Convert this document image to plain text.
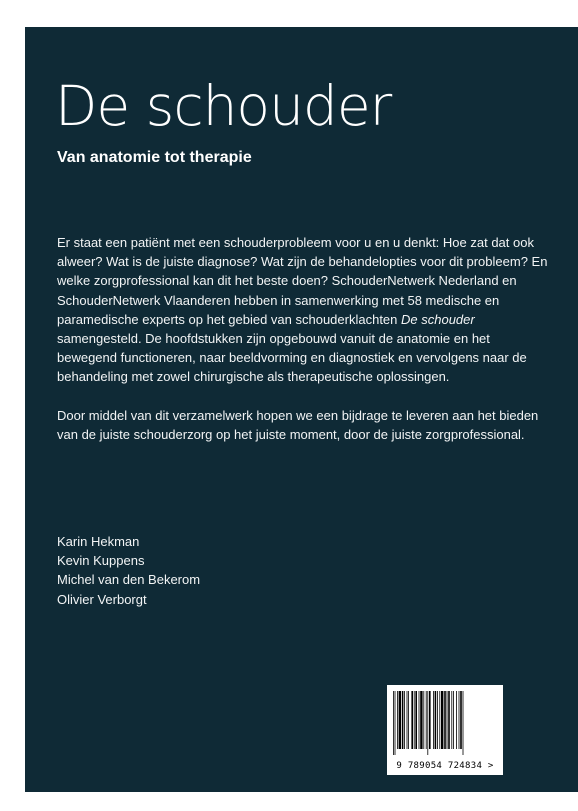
De schouder
Van anatomie tot therapie

Er staat een patiënt met een schouderprobleem voor u en u denkt: Hoe zat dat ook alweer? Wat is de juiste diagnose? Wat zijn de behandelopties voor dit probleem? En welke zorgprofessional kan dit het beste doen? SchouderNetwerk Nederland en SchouderNetwerk Vlaanderen hebben in samenwerking met 58 medische en paramedische experts op het gebied van schouderklachten De schouder samengesteld. De hoofdstukken zijn opgebouwd vanuit de anatomie en het bewegend functioneren, naar beeldvorming en diagnostiek en vervolgens naar de behandeling met zowel chirurgische als therapeutische oplossingen.

Door middel van dit verzamelwerk hopen we een bijdrage te leveren aan het bieden van de juiste schouderzorg op het juiste moment, door de juiste zorgprofessional.

Karin Hekman
Kevin Kuppens
Michel van den Bekerom
Olivier Verborgt
9 789054 724834 >
